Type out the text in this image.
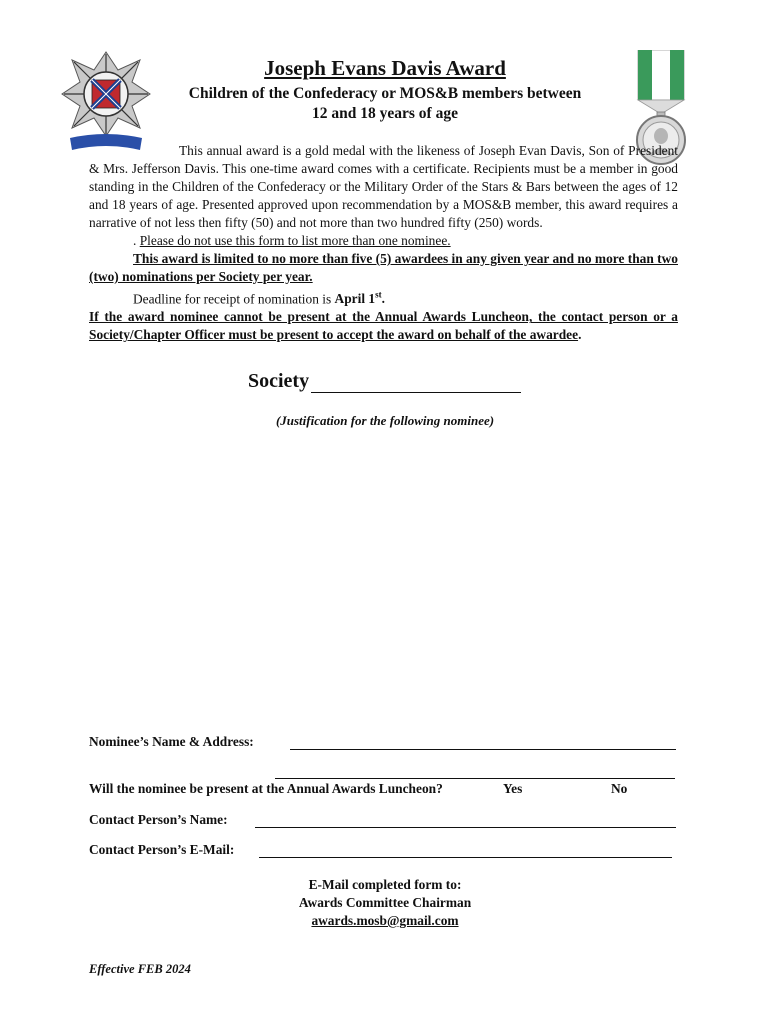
Joseph Evans Davis Award
Children of the Confederacy or MOS&B members between
12 and 18 years of age

This annual award is a gold medal with the likeness of Joseph Evan Davis, Son of President & Mrs. Jefferson Davis. This one-time award comes with a certificate. Recipients must be a member in good standing in the Children of the Confederacy or the Military Order of the Stars & Bars between the ages of 12 and 18 years of age. Presented approved upon recommendation by a MOS&B member, this award requires a narrative of not less then fifty (50) and not more than two hundred fifty (250) words.

. Please do not use this form to list more than one nominee.

This award is limited to no more than five (5) awardees in any given year and no more than two (two) nominations per Society per year.

Deadline for receipt of nomination is April 1st.

If the award nominee cannot be present at the Annual Awards Luncheon, the contact person or a Society/Chapter Officer must be present to accept the award on behalf of the awardee.

Society
(Justification for the following nominee)
Nominee’s Name & Address:
Will the nominee be present at the Annual Awards Luncheon?	Yes	No
Contact Person’s Name:
Contact Person’s E-Mail:
E-Mail completed form to:
Awards Committee Chairman
awards.mosb@gmail.com
Effective FEB 2024
